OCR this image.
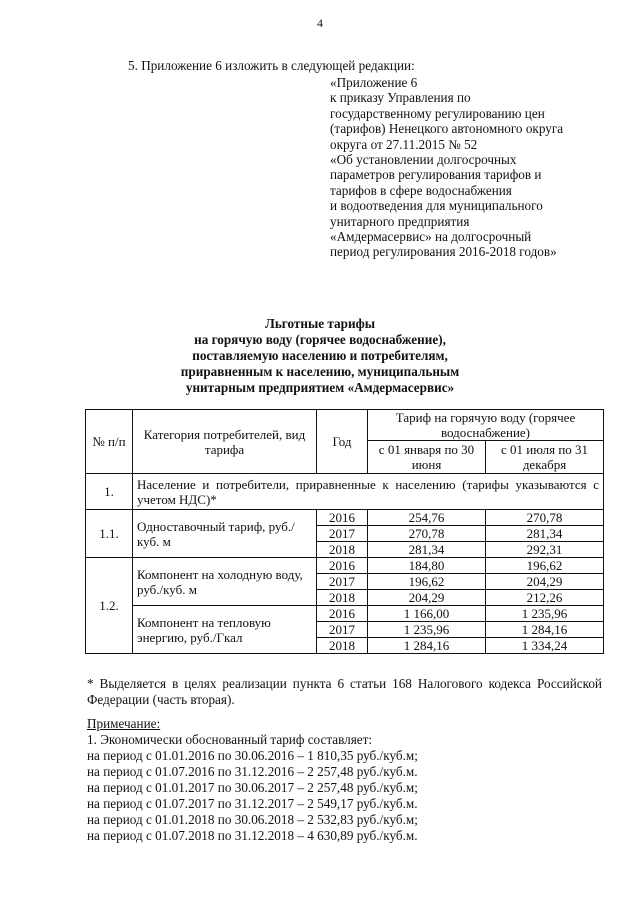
4
5. Приложение 6 изложить в следующей редакции:
«Приложение 6
к приказу Управления по
государственному регулированию цен
(тарифов) Ненецкого автономного округа
округа от 27.11.2015 № 52
«Об установлении долгосрочных
параметров регулирования тарифов и
тарифов в сфере водоснабжения
и водоотведения для муниципального
унитарного предприятия
«Амдермасервис» на долгосрочный
период регулирования 2016-2018 годов»
Льготные тарифы
на горячую воду (горячее водоснабжение),
поставляемую населению и потребителям,
приравненным к населению, муниципальным
унитарным предприятием «Амдермасервис»
№ п/п	Категория потребителей, вид тарифа	Год	Тариф на горячую воду (горячее водоснабжение)	
			с 01 января по 30 июня	с 01 июля по 31 декабря
1.	Население и потребители, приравненные к населению (тарифы указываются с учетом НДС)*			
1.1.	Одноставочный тариф, руб./куб. м	2016	254,76	270,78
		2017	270,78	281,34
		2018	281,34	292,31
1.2.	Компонент на холодную воду, руб./куб. м	2016	184,80	196,62
		2017	196,62	204,29
		2018	204,29	212,26
	Компонент на тепловую энергию, руб./Гкал	2016	1 166,00	1 235,96
		2017	1 235,96	1 284,16
		2018	1 284,16	1 334,24
* Выделяется в целях реализации пункта 6 статьи 168 Налогового кодекса Российской Федерации (часть вторая).
Примечание:
1. Экономически обоснованный тариф составляет:
на период с 01.01.2016 по 30.06.2016 – 1 810,35 руб./куб.м;
на период с 01.07.2016 по 31.12.2016 – 2 257,48 руб./куб.м.
на период с 01.01.2017 по 30.06.2017 – 2 257,48 руб./куб.м;
на период с 01.07.2017 по 31.12.2017 – 2 549,17 руб./куб.м.
на период с 01.01.2018 по 30.06.2018 – 2 532,83 руб./куб.м;
на период с 01.07.2018 по 31.12.2018 – 4 630,89 руб./куб.м.
